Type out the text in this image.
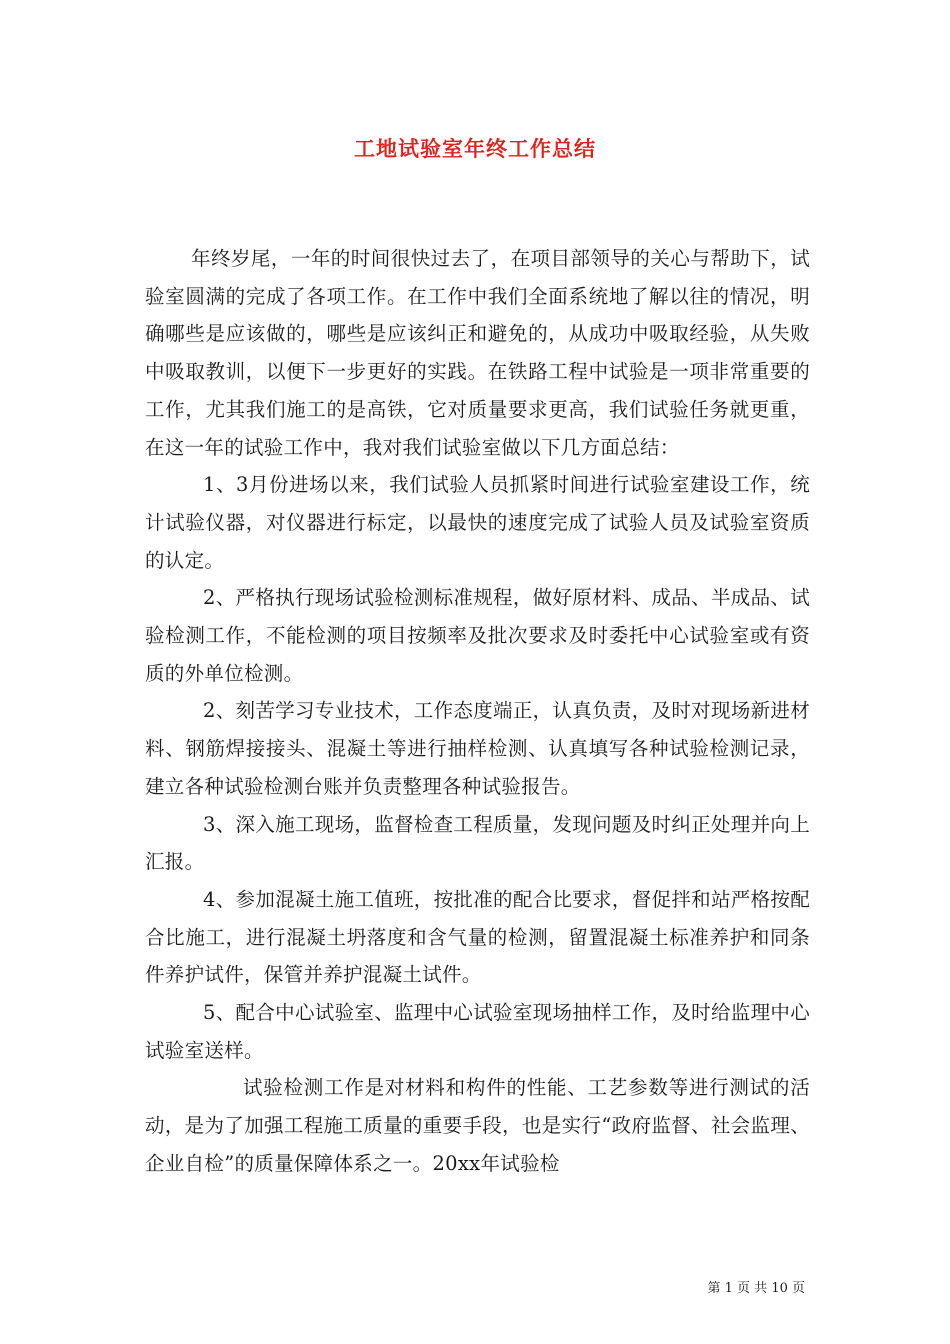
工地试验室年终工作总结

年终岁尾，一年的时间很快过去了，在项目部领导的关心与帮助下，试验室圆满的完成了各项工作。在工作中我们全面系统地了解以往的情况，明确哪些是应该做的，哪些是应该纠正和避免的，从成功中吸取经验，从失败中吸取教训，以便下一步更好的实践。在铁路工程中试验是一项非常重要的工作，尤其我们施工的是高铁，它对质量要求更高，我们试验任务就更重，在这一年的试验工作中，我对我们试验室做以下几方面总结：

1、3月份进场以来，我们试验人员抓紧时间进行试验室建设工作，统计试验仪器，对仪器进行标定，以最快的速度完成了试验人员及试验室资质的认定。

2、严格执行现场试验检测标准规程，做好原材料、成品、半成品、试验检测工作，不能检测的项目按频率及批次要求及时委托中心试验室或有资质的外单位检测。

2、刻苦学习专业技术，工作态度端正，认真负责，及时对现场新进材料、钢筋焊接接头、混凝土等进行抽样检测、认真填写各种试验检测记录，建立各种试验检测台账并负责整理各种试验报告。

3、深入施工现场，监督检查工程质量，发现问题及时纠正处理并向上汇报。

4、参加混凝土施工值班，按批准的配合比要求，督促拌和站严格按配合比施工，进行混凝土坍落度和含气量的检测，留置混凝土标准养护和同条件养护试件，保管并养护混凝土试件。

5、配合中心试验室、监理中心试验室现场抽样工作，及时给监理中心试验室送样。

试验检测工作是对材料和构件的性能、工艺参数等进行测试的活动，是为了加强工程施工质量的重要手段，也是实行“政府监督、社会监理、企业自检”的质量保障体系之一。20xx年试验检

第 1 页 共 10 页
